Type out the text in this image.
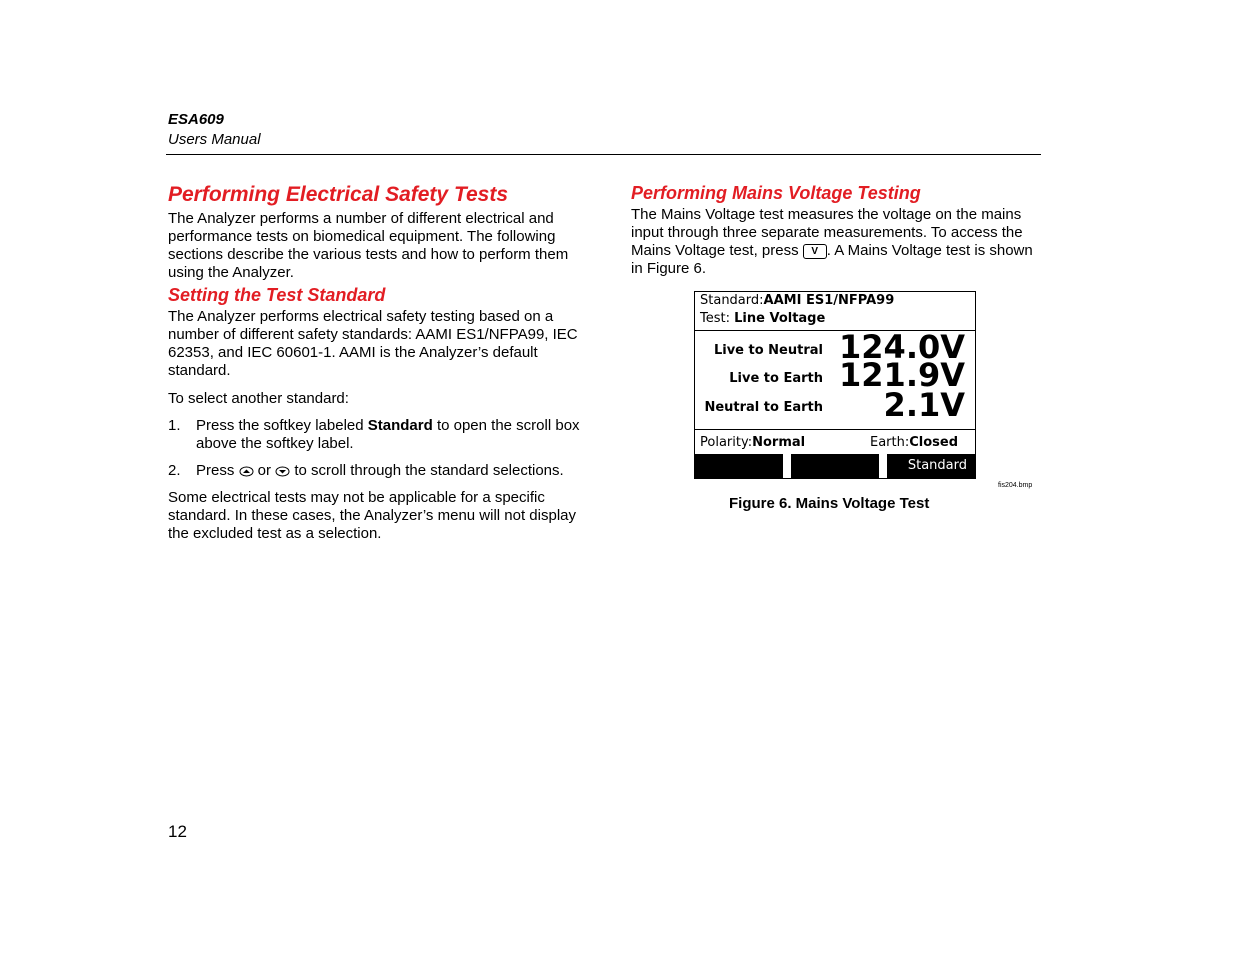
ESA609
Users Manual
Performing Electrical Safety Tests

The Analyzer performs a number of different electrical and performance tests on biomedical equipment. The following sections describe the various tests and how to perform them using the Analyzer.

Setting the Test Standard

The Analyzer performs electrical safety testing based on a number of different safety standards: AAMI ES1/NFPA99, IEC 62353, and IEC 60601-1. AAMI is the Analyzer’s default standard.

To select another standard:

1. Press the softkey labeled Standard to open the scroll box above the softkey label.
2. Press  or  to scroll through the standard selections.

Some electrical tests may not be applicable for a specific standard. In these cases, the Analyzer’s menu will not display the excluded test as a selection.

Performing Mains Voltage Testing

The Mains Voltage test measures the voltage on the mains input through three separate measurements. To access the Mains Voltage test, press V . A Mains Voltage test is shown in Figure 6.

Standard:AAMI ES1/NFPA99
Test: Line Voltage
Live to Neutral 124.0V
Live to Earth 121.9V
Neutral to Earth 2.1V
Polarity:Normal	Earth:Closed
Standard
fis204.bmp
Figure 6. Mains Voltage Test
12
